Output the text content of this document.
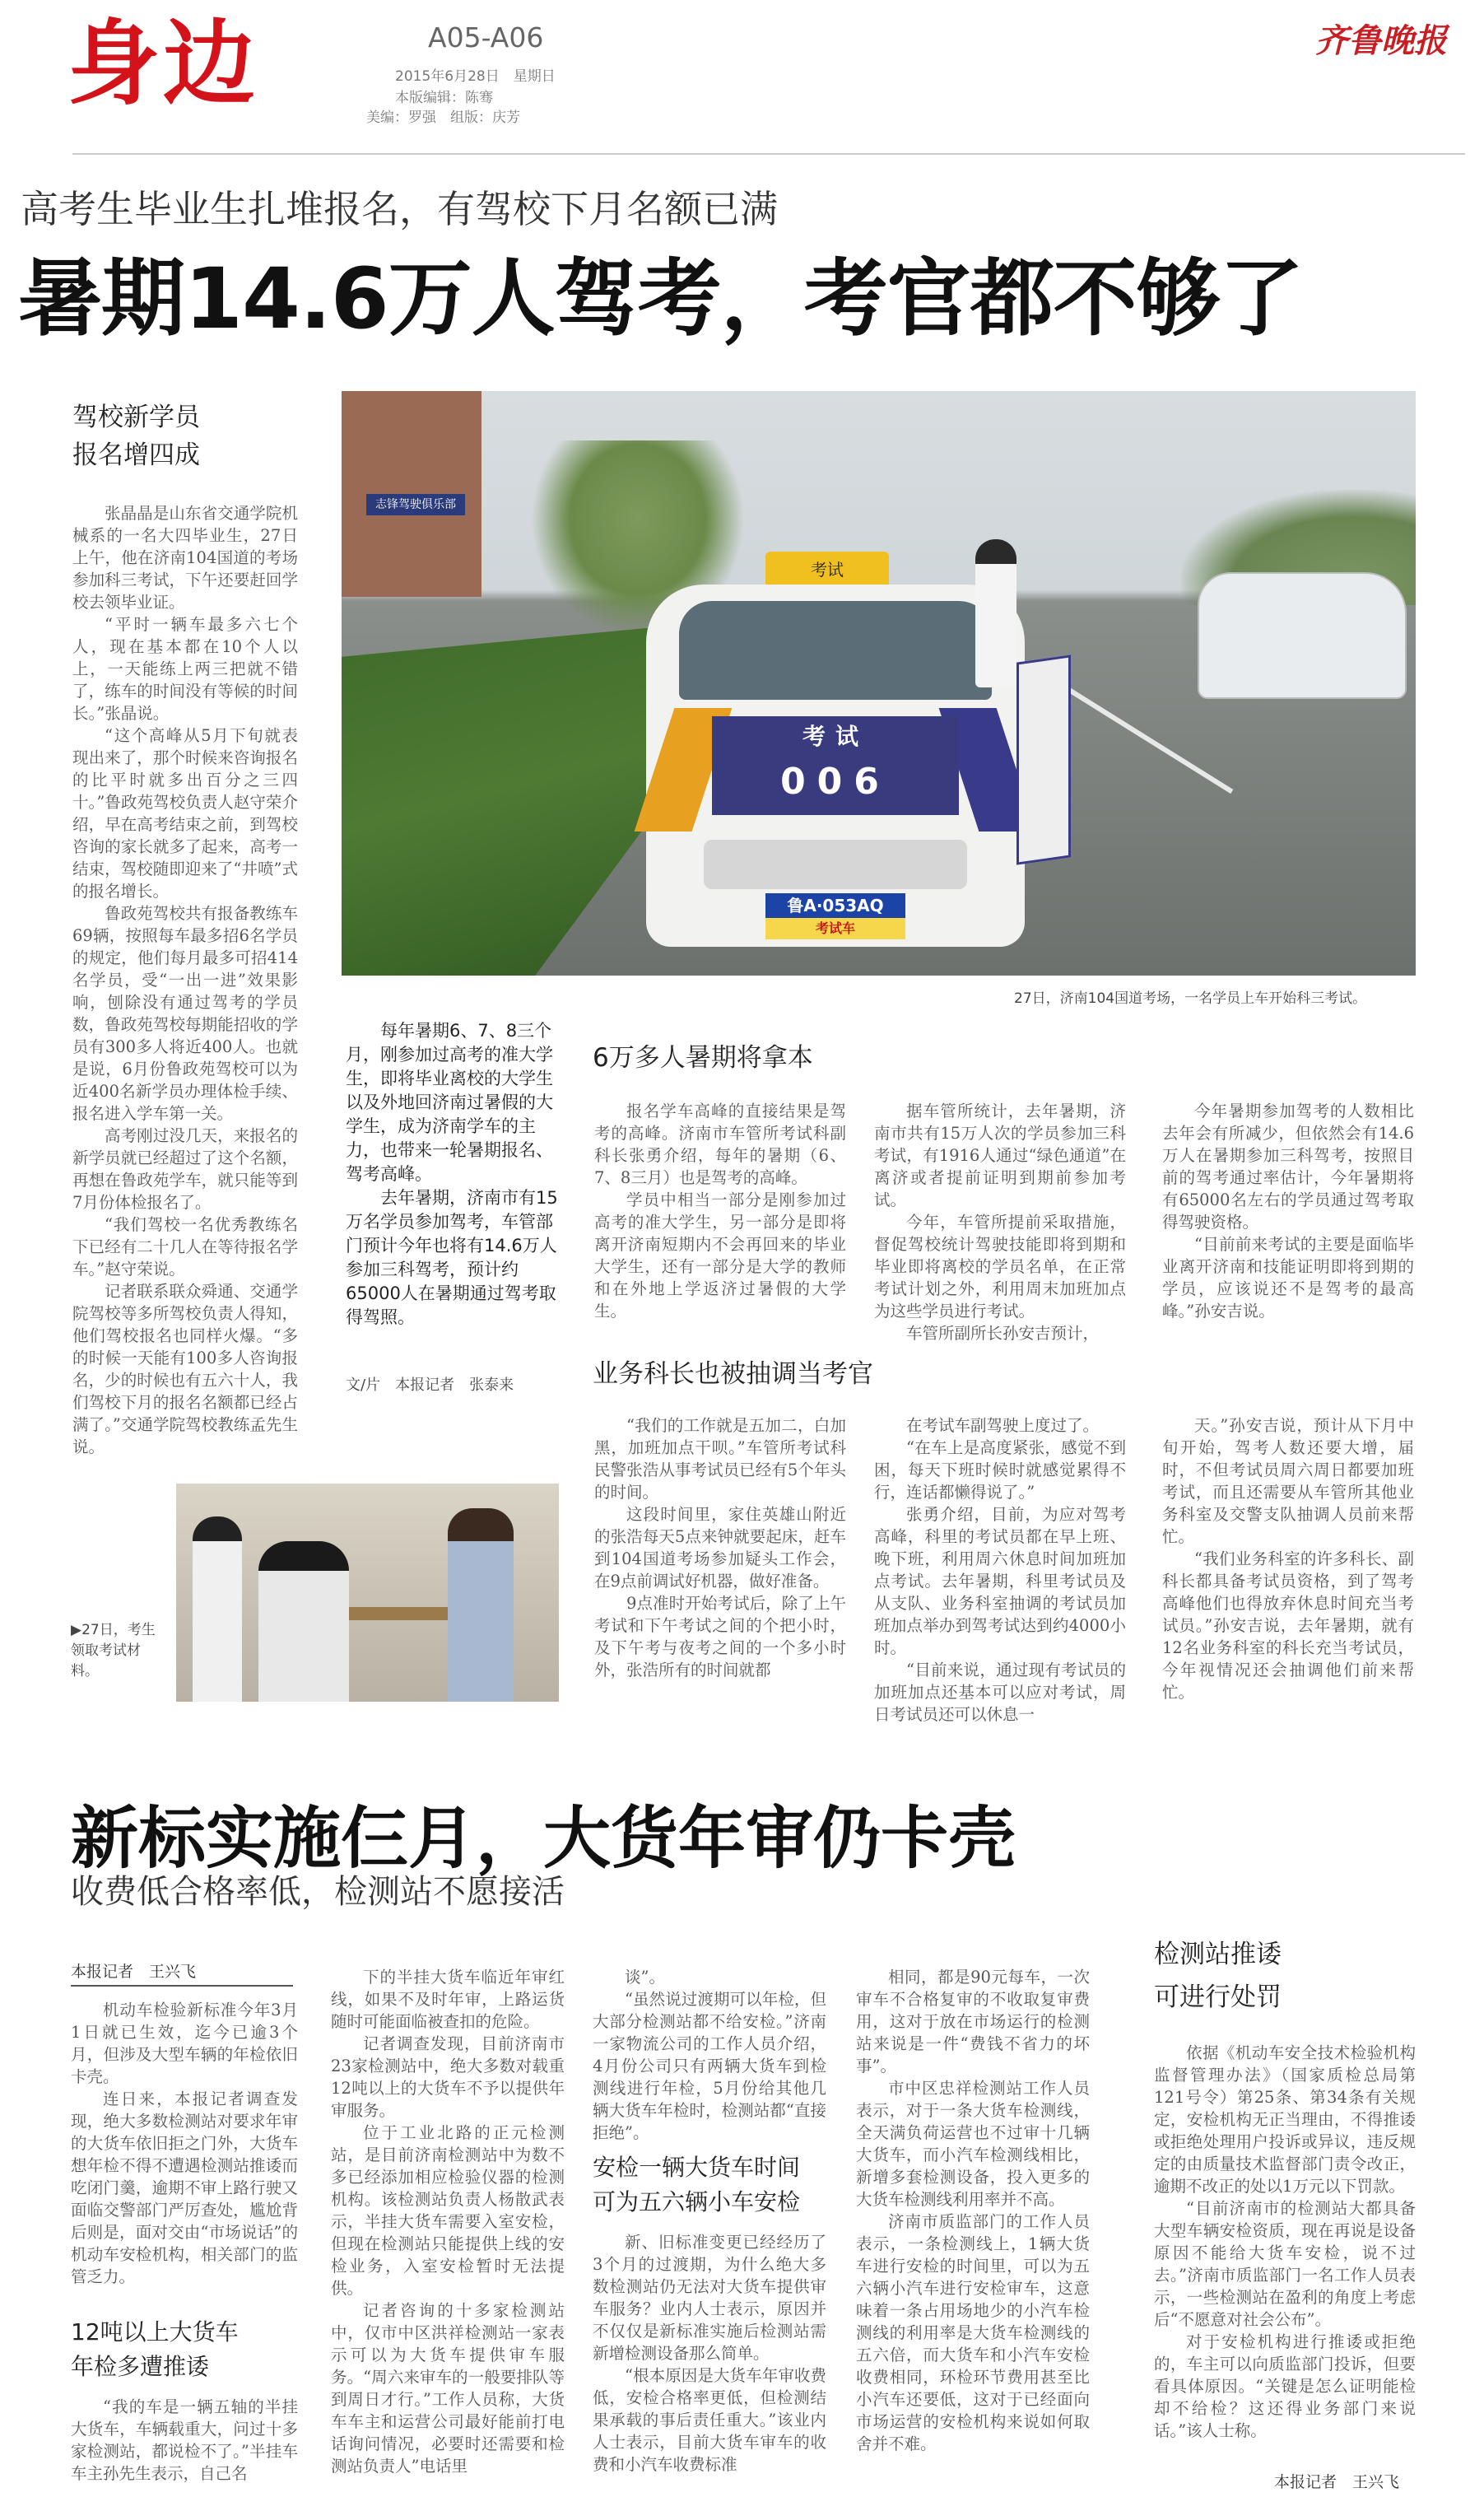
身边	A05-A06
2015年6月28日　星期日
本版编辑：陈骞
美编：罗强　组版：庆芳
齐鲁晚报
高考生毕业生扎堆报名，有驾校下月名额已满
暑期14.6万人驾考，考官都不够了
驾校新学员
报名增四成

张晶晶是山东省交通学院机械系的一名大四毕业生，27日上午，他在济南104国道的考场参加科三考试，下午还要赶回学校去领毕业证。

“平时一辆车最多六七个人，现在基本都在10个人以上，一天能练上两三把就不错了，练车的时间没有等候的时间长。”张晶说。

“这个高峰从5月下旬就表现出来了，那个时候来咨询报名的比平时就多出百分之三四十。”鲁政苑驾校负责人赵守荣介绍，早在高考结束之前，到驾校咨询的家长就多了起来，高考一结束，驾校随即迎来了“井喷”式的报名增长。

鲁政苑驾校共有报备教练车69辆，按照每车最多招6名学员的规定，他们每月最多可招414名学员，受“一出一进”效果影响，刨除没有通过驾考的学员数，鲁政苑驾校每期能招收的学员有300多人将近400人。也就是说，6月份鲁政苑驾校可以为近400名新学员办理体检手续、报名进入学车第一关。

高考刚过没几天，来报名的新学员就已经超过了这个名额，再想在鲁政苑学车，就只能等到7月份体检报名了。

“我们驾校一名优秀教练名下已经有二十几人在等待报名学车。”赵守荣说。

记者联系联众舜通、交通学院驾校等多所驾校负责人得知，他们驾校报名也同样火爆。“多的时候一天能有100多人咨询报名，少的时候也有五六十人，我们驾校下月的报名名额都已经占满了。”交通学院驾校教练孟先生说。

志锋驾驶俱乐部
考试
考试
006
鲁A·053AQ
考试车
27日，济南104国道考场，一名学员上车开始科三考试。

每年暑期6、7、8三个月，刚参加过高考的准大学生，即将毕业离校的大学生以及外地回济南过暑假的大学生，成为济南学车的主力，也带来一轮暑期报名、驾考高峰。

去年暑期，济南市有15万名学员参加驾考，车管部门预计今年也将有14.6万人参加三科驾考，预计约65000人在暑期通过驾考取得驾照。

文/片　本报记者　张泰来
▶27日，考生领取考试材料。
6万多人暑期将拿本

报名学车高峰的直接结果是驾考的高峰。济南市车管所考试科副科长张勇介绍，每年的暑期（6、7、8三月）也是驾考的高峰。

学员中相当一部分是刚参加过高考的准大学生，另一部分是即将离开济南短期内不会再回来的毕业大学生，还有一部分是大学的教师和在外地上学返济过暑假的大学生。

据车管所统计，去年暑期，济南市共有15万人次的学员参加三科考试，有1916人通过“绿色通道”在离济或者提前证明到期前参加考试。

今年，车管所提前采取措施，督促驾校统计驾驶技能即将到期和毕业即将离校的学员名单，在正常考试计划之外，利用周末加班加点为这些学员进行考试。

车管所副所长孙安吉预计，

今年暑期参加驾考的人数相比去年会有所减少，但依然会有14.6万人在暑期参加三科驾考，按照目前的驾考通过率估计，今年暑期将有65000名左右的学员通过驾考取得驾驶资格。

“目前前来考试的主要是面临毕业离开济南和技能证明即将到期的学员，应该说还不是驾考的最高峰。”孙安吉说。

业务科长也被抽调当考官

“我们的工作就是五加二，白加黑，加班加点干呗。”车管所考试科民警张浩从事考试员已经有5个年头的时间。

这段时间里，家住英雄山附近的张浩每天5点来钟就要起床，赶车到104国道考场参加疑头工作会，在9点前调试好机器，做好准备。

9点准时开始考试后，除了上午考试和下午考试之间的个把小时，及下午考与夜考之间的一个多小时外，张浩所有的时间就都

在考试车副驾驶上度过了。

“在车上是高度紧张，感觉不到困，每天下班时候时就感觉累得不行，连话都懒得说了。”

张勇介绍，目前，为应对驾考高峰，科里的考试员都在早上班、晚下班，利用周六休息时间加班加点考试。去年暑期，科里考试员及从支队、业务科室抽调的考试员加班加点举办到驾考试达到约4000小时。

“目前来说，通过现有考试员的加班加点还基本可以应对考试，周日考试员还可以休息一

天。”孙安吉说，预计从下月中旬开始，驾考人数还要大增，届时，不但考试员周六周日都要加班考试，而且还需要从车管所其他业务科室及交警支队抽调人员前来帮忙。

“我们业务科室的许多科长、副科长都具备考试员资格，到了驾考高峰他们也得放弃休息时间充当考试员。”孙安吉说，去年暑期，就有12名业务科室的科长充当考试员，今年视情况还会抽调他们前来帮忙。

新标实施仨月，大货年审仍卡壳
收费低合格率低，检测站不愿接活
本报记者　王兴飞

机动车检验新标准今年3月1日就已生效，迄今已逾3个月，但涉及大型车辆的年检依旧卡壳。

连日来，本报记者调查发现，绝大多数检测站对要求年审的大货车依旧拒之门外，大货车想年检不得不遭遇检测站推诿而吃闭门羹，逾期不审上路行驶又面临交警部门严厉查处，尴尬背后则是，面对交由“市场说话”的机动车安检机构，相关部门的监管乏力。

12吨以上大货车
年检多遭推诿

“我的车是一辆五轴的半挂大货车，车辆载重大，问过十多家检测站，都说检不了。”半挂车车主孙先生表示，自己名

下的半挂大货车临近年审红线，如果不及时年审，上路运货随时可能面临被查扣的危险。

记者调查发现，目前济南市23家检测站中，绝大多数对载重12吨以上的大货车不予以提供年审服务。

位于工业北路的正元检测站，是目前济南检测站中为数不多已经添加相应检验仪器的检测机构。该检测站负责人杨散武表示，半挂大货车需要入室安检，但现在检测站只能提供上线的安检业务，入室安检暂时无法提供。

记者咨询的十多家检测站中，仅市中区洪祥检测站一家表示可以为大货车提供审车服务。“周六来审车的一般要排队等到周日才行。”工作人员称，大货车车主和运营公司最好能前打电话询问情况，必要时还需要和检测站负责人”电话里

谈”。

“虽然说过渡期可以年检，但大部分检测站都不给安检。”济南一家物流公司的工作人员介绍，4月份公司只有两辆大货车到检测线进行年检，5月份给其他几辆大货车年检时，检测站都“直接拒绝”。

安检一辆大货车时间
可为五六辆小车安检

新、旧标准变更已经经历了3个月的过渡期，为什么绝大多数检测站仍无法对大货车提供审车服务？业内人士表示，原因并不仅仅是新标准实施后检测站需新增检测设备那么简单。

“根本原因是大货车年审收费低，安检合格率更低，但检测结果承载的事后责任重大。”该业内人士表示，目前大货车审车的收费和小汽车收费标准

相同，都是90元每车，一次审车不合格复审的不收取复审费用，这对于放在市场运行的检测站来说是一件“费钱不省力的坏事”。

市中区忠祥检测站工作人员表示，对于一条大货车检测线，全天满负荷运营也不过审十几辆大货车，而小汽车检测线相比，新增多套检测设备，投入更多的大货车检测线利用率并不高。

济南市质监部门的工作人员表示，一条检测线上，1辆大货车进行安检的时间里，可以为五六辆小汽车进行安检审车，这意味着一条占用场地少的小汽车检测线的利用率是大货车检测线的五六倍，而大货车和小汽车安检收费相同，环检环节费用甚至比小汽车还要低，这对于已经面向市场运营的安检机构来说如何取舍并不难。

检测站推诿
可进行处罚

依据《机动车安全技术检验机构监督管理办法》（国家质检总局第121号令）第25条、第34条有关规定，安检机构无正当理由，不得推诿或拒绝处理用户投诉或异议，违反规定的由质量技术监督部门责令改正，逾期不改正的处以1万元以下罚款。

“目前济南市的检测站大都具备大型车辆安检资质，现在再说是设备原因不能给大货车安检，说不过去。”济南市质监部门一名工作人员表示，一些检测站在盈利的角度上考虑后“不愿意对社会公布”。

对于安检机构进行推诿或拒绝的，车主可以向质监部门投诉，但要看具体原因。“关键是怎么证明能检却不给检？这还得业务部门来说话。”该人士称。

本报记者　王兴飞
